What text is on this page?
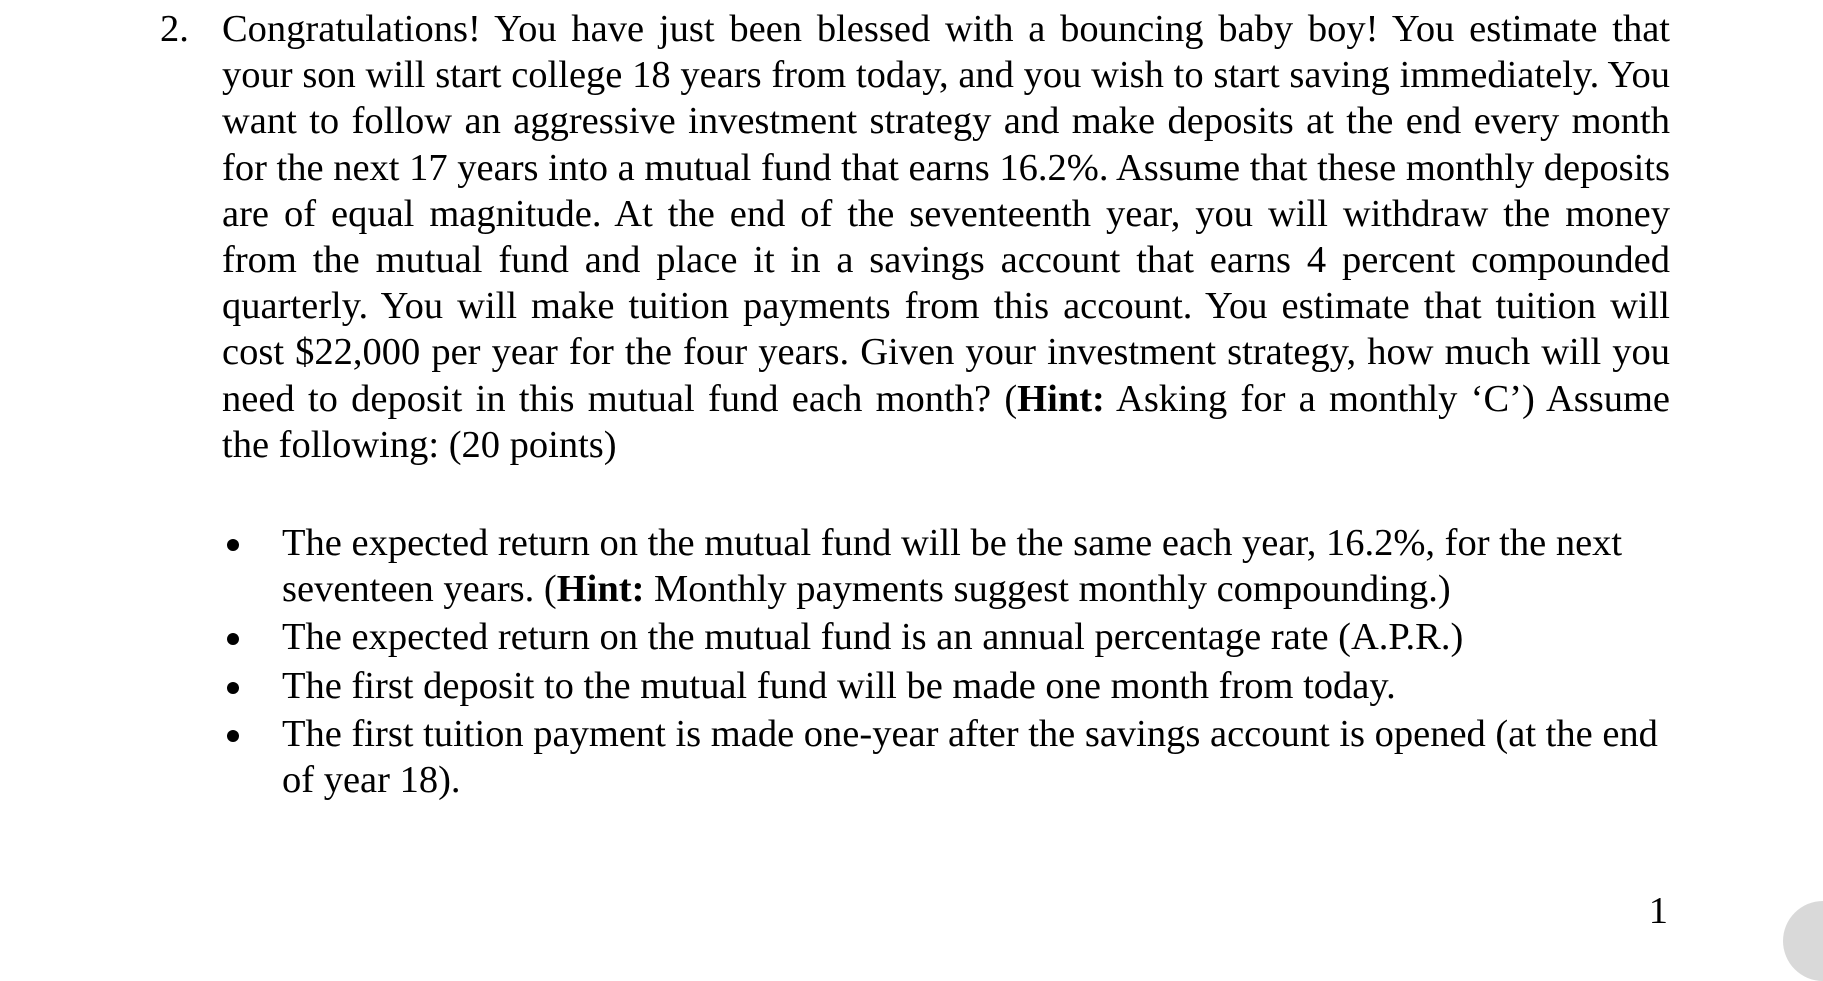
2. Congratulations! You have just been blessed with a bouncing baby boy! You estimate that your son will start college 18 years from today, and you wish to start saving immediately. You want to follow an aggressive investment strategy and make deposits at the end every month for the next 17 years into a mutual fund that earns 16.2%. Assume that these monthly deposits are of equal magnitude. At the end of the seventeenth year, you will withdraw the money from the mutual fund and place it in a savings account that earns 4 percent compounded quarterly. You will make tuition payments from this account. You estimate that tuition will cost $22,000 per year for the four years. Given your investment strategy, how much will you need to deposit in this mutual fund each month? (Hint: Asking for a monthly ‘C’) Assume the following: (20 points)
The expected return on the mutual fund will be the same each year, 16.2%, for the next seventeen years. (Hint: Monthly payments suggest monthly compounding.)
The expected return on the mutual fund is an annual percentage rate (A.P.R.)
The first deposit to the mutual fund will be made one month from today.
The first tuition payment is made one-year after the savings account is opened (at the end of year 18).
1
